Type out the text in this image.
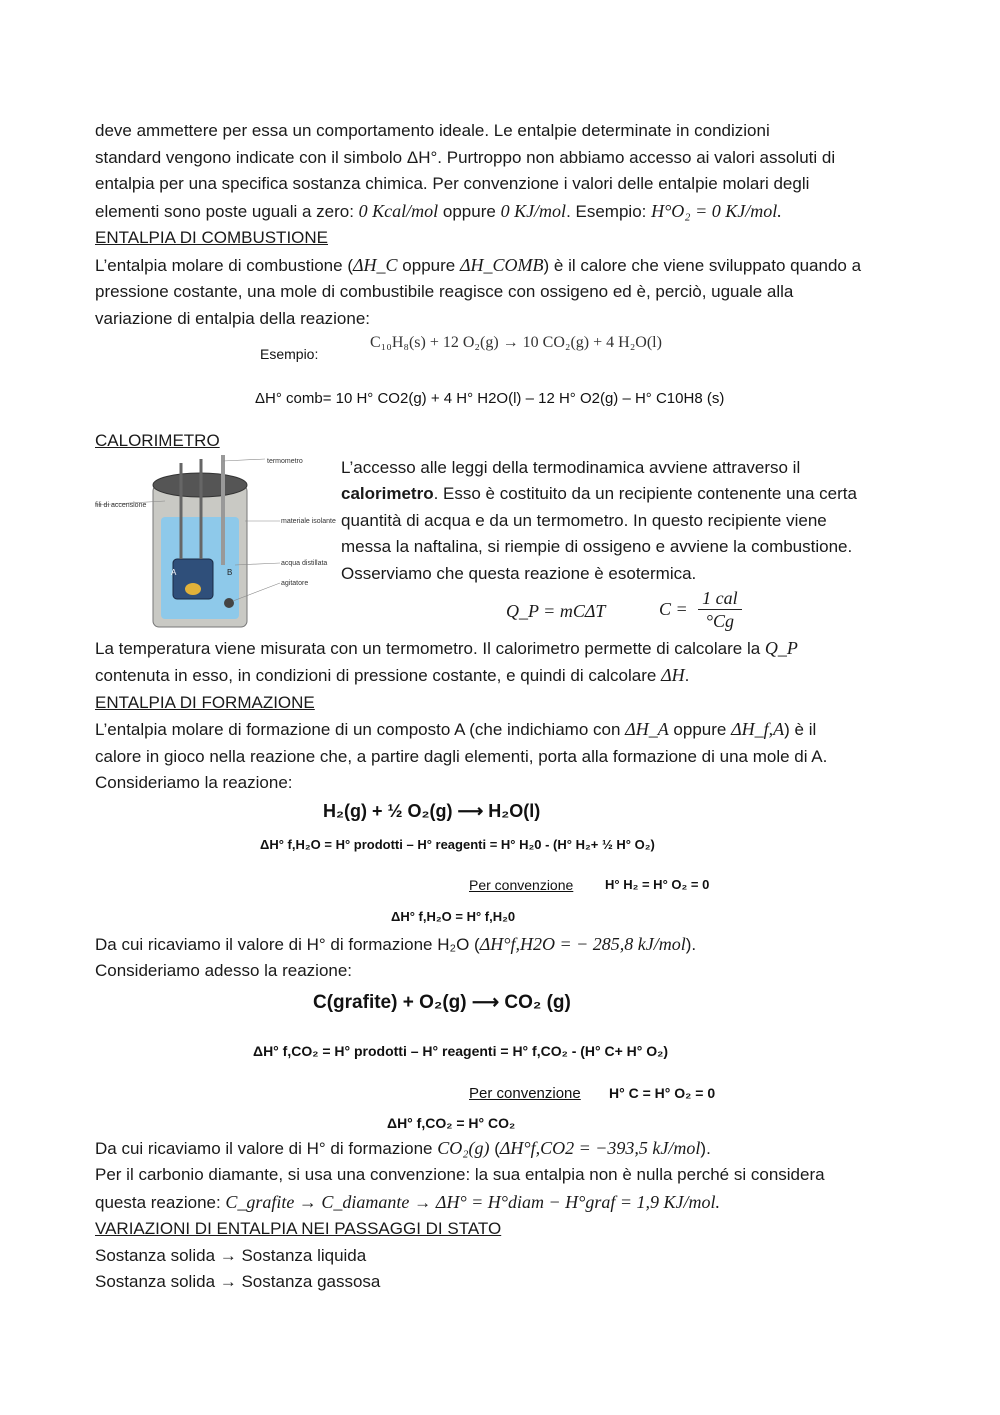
deve ammettere per essa un comportamento ideale. Le entalpie determinate in condizioni

standard vengono indicate con il simbolo ΔH°. Purtroppo non abbiamo accesso ai valori assoluti di

entalpia per una specifica sostanza chimica. Per convenzione i valori delle entalpie molari degli

elementi sono poste uguali a zero: 0 Kcal/mol oppure 0 KJ/mol. Esempio: H°O₂ = 0 KJ/mol.

ENTALPIA DI COMBUSTIONE

L’entalpia molare di combustione (ΔH_C oppure ΔH_COMB) è il calore che viene sviluppato quando a

pressione costante, una mole di combustibile reagisce con ossigeno ed è, perciò, uguale alla

variazione di entalpia della reazione:

C₁₀H₈(s) + 12 O₂(g) → 10 CO₂(g) + 4 H₂O(l)
Esempio:
ΔH° comb= 10 H° CO2(g) + 4 H° H2O(l) – 12 H° O2(g) – H° C10H8 (s)

CALORIMETRO

termometro
fili di accensione
materiale isolante
acqua distillata
agitatore
A	B

L’accesso alle leggi della termodinamica avviene attraverso il

calorimetro. Esso è costituito da un recipiente contenente una certa

quantità di acqua e da un termometro. In questo recipiente viene

messa la naftalina, si riempie di ossigeno e avviene la combustione.

Osserviamo che questa reazione è esotermica.

Q_P = mCΔT	$C = \frac{\text{1 cal}}{^\circ Cg}$

La temperatura viene misurata con un termometro. Il calorimetro permette di calcolare la Q_P

contenuta in esso, in condizioni di pressione costante, e quindi di calcolare ΔH.

ENTALPIA DI FORMAZIONE

L’entalpia molare di formazione di un composto A (che indichiamo con ΔH_A oppure ΔH_f,A) è il

calore in gioco nella reazione che, a partire dagli elementi, porta alla formazione di una mole di A.

Consideriamo la reazione:

H₂(g) + ½ O₂(g) ⟶ H₂O(l)
ΔH° f,H₂O = H° prodotti – H° reagenti = H° H₂0 - (H° H₂+ ½ H° O₂)
Per convenzione H° H₂ = H° O₂ = 0
ΔH° f,H₂O = H° f,H₂0

Da cui ricaviamo il valore di H° di formazione H₂O (ΔH°f,H2O = − 285,8 kJ/mol).

Consideriamo adesso la reazione:

C(grafite) + O₂(g) ⟶ CO₂ (g)
ΔH° f,CO₂ = H° prodotti – H° reagenti = H° f,CO₂ - (H° C+ H° O₂)
Per convenzione H° C = H° O₂ = 0
ΔH° f,CO₂ = H° CO₂

Da cui ricaviamo il valore di H° di formazione CO₂(g) (ΔH°f,CO2 = −393,5 kJ/mol).

Per il carbonio diamante, si usa una convenzione: la sua entalpia non è nulla perché si considera

questa reazione: C_grafite → C_diamante → ΔH° = H°diam − H°graf = 1,9 KJ/mol.

VARIAZIONI DI ENTALPIA NEI PASSAGGI DI STATO

Sostanza solida → Sostanza liquida

Sostanza solida → Sostanza gassosa
